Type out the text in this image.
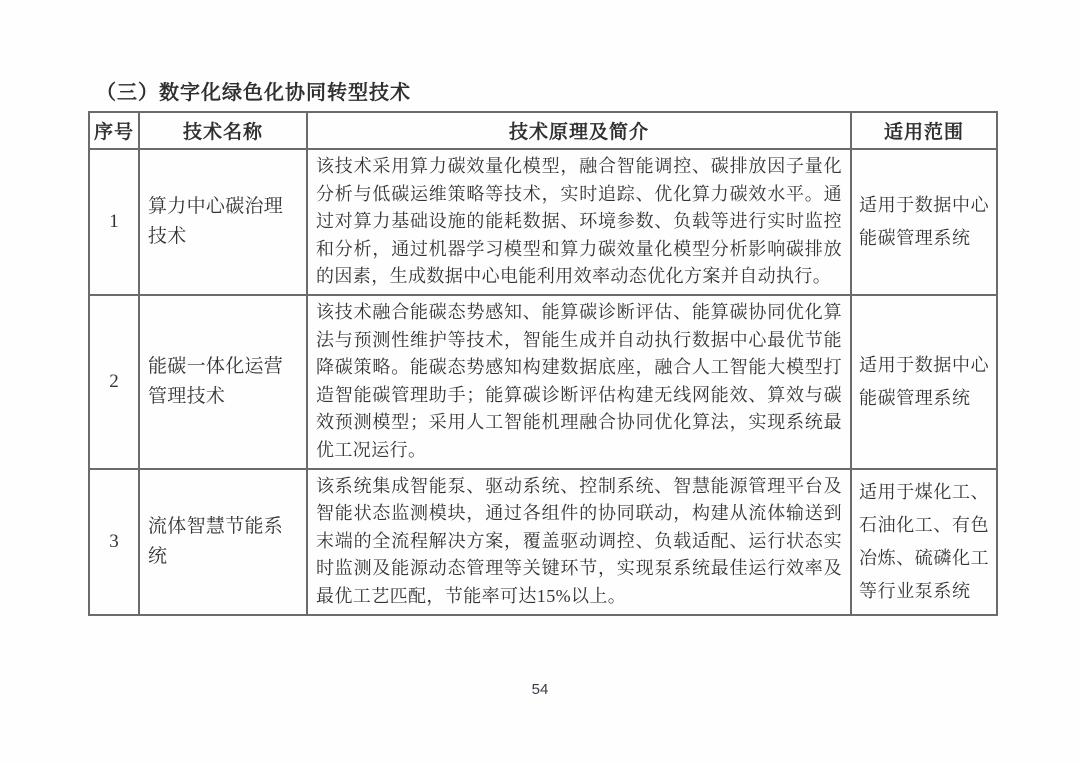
（三）数字化绿色化协同转型技术
序号	技术名称	技术原理及简介	适用范围
1	算力中心碳治理技术	该技术采用算力碳效量化模型，融合智能调控、碳排放因子量化分析与低碳运维策略等技术，实时追踪、优化算力碳效水平。通过对算力基础设施的能耗数据、环境参数、负载等进行实时监控和分析，通过机器学习模型和算力碳效量化模型分析影响碳排放的因素，生成数据中心电能利用效率动态优化方案并自动执行。	适用于数据中心能碳管理系统
2	能碳一体化运营管理技术	该技术融合能碳态势感知、能算碳诊断评估、能算碳协同优化算法与预测性维护等技术，智能生成并自动执行数据中心最优节能降碳策略。能碳态势感知构建数据底座，融合人工智能大模型打造智能碳管理助手；能算碳诊断评估构建无线网能效、算效与碳效预测模型；采用人工智能机理融合协同优化算法，实现系统最优工况运行。	适用于数据中心能碳管理系统
3	流体智慧节能系统	该系统集成智能泵、驱动系统、控制系统、智慧能源管理平台及智能状态监测模块，通过各组件的协同联动，构建从流体输送到末端的全流程解决方案，覆盖驱动调控、负载适配、运行状态实时监测及能源动态管理等关键环节，实现泵系统最佳运行效率及最优工艺匹配，节能率可达15%以上。	适用于煤化工、石油化工、有色冶炼、硫磷化工等行业泵系统
54
